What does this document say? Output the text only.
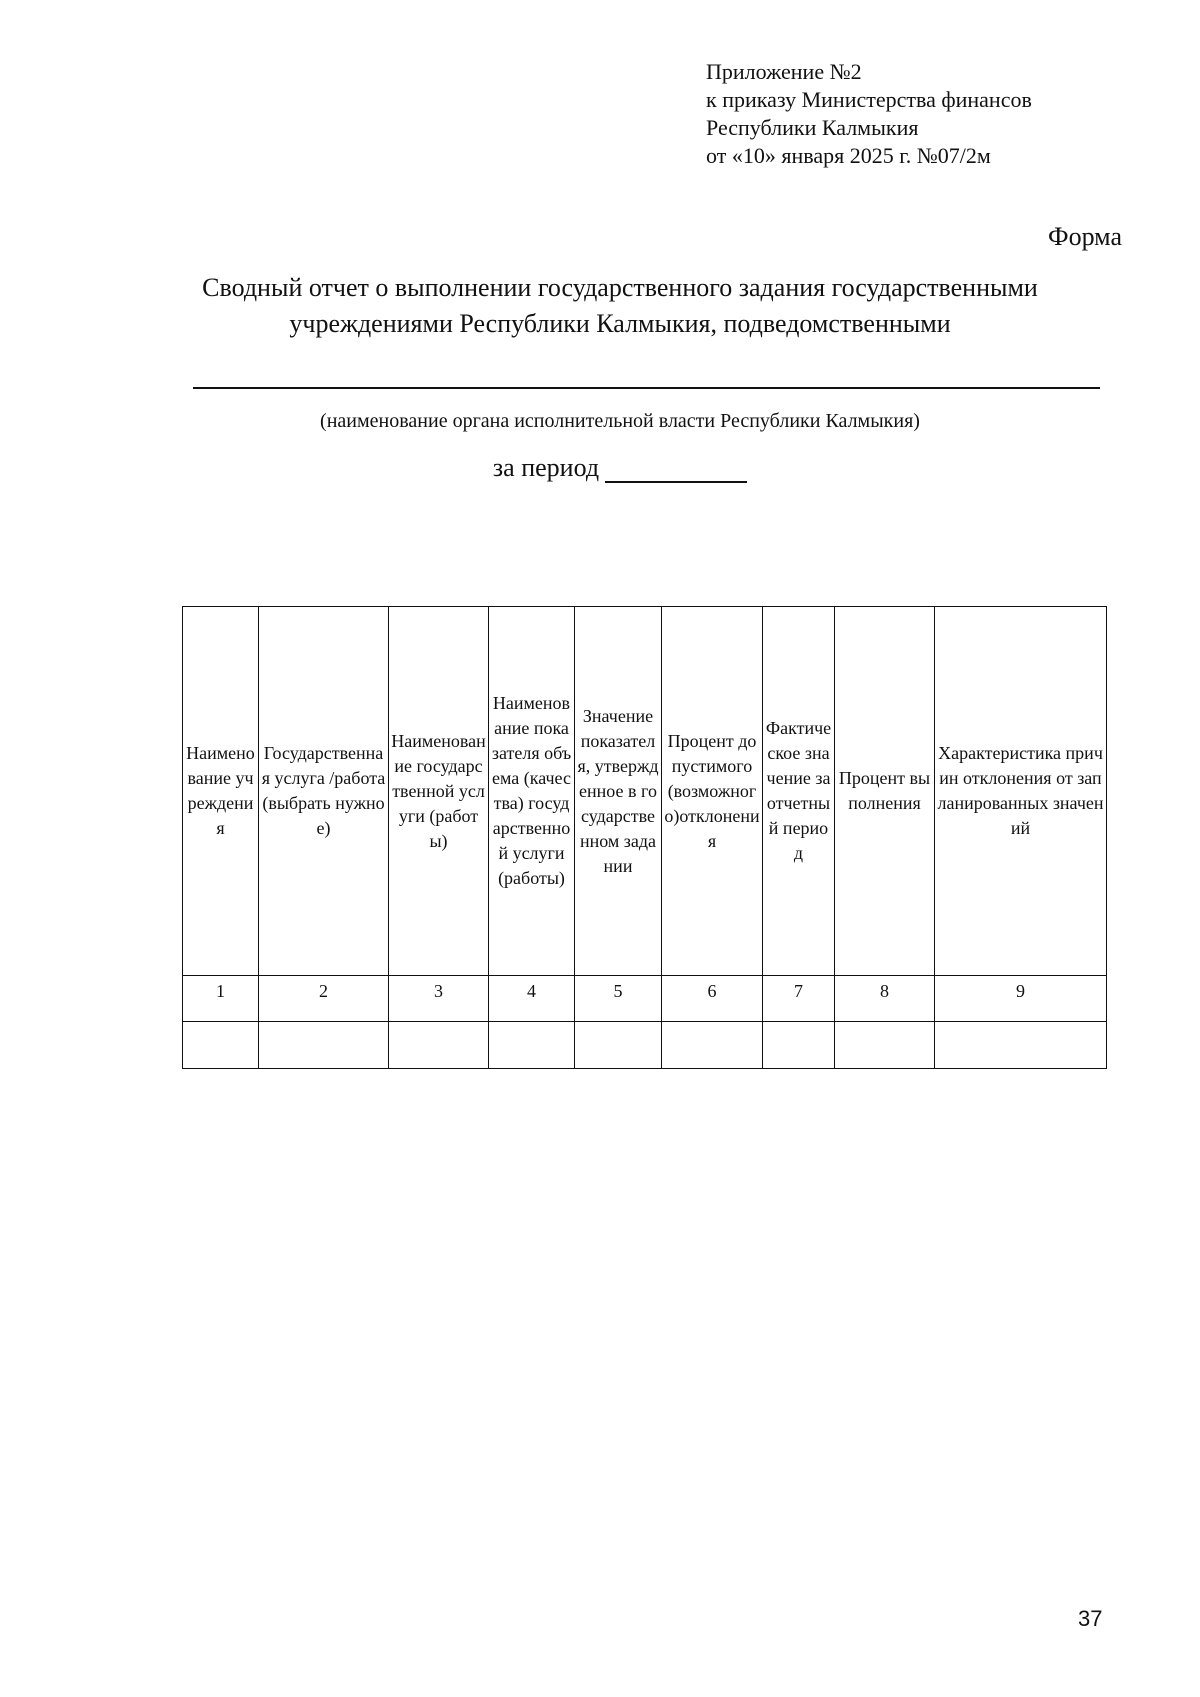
Приложение №2
к приказу Министерства финансов
Республики Калмыкия
от «10» января 2025 г. №07/2м
Форма
Сводный отчет о выполнении государственного задания государственными
учреждениями Республики Калмыкия, подведомственными
(наименование органа исполнительной власти Республики Калмыкия)
за период
Наименование учреждения	Государственная услуга /работа (выбрать нужное)	Наименование государственной услуги (работы)	Наименование показателя объема (качества) государственной услуги (работы)	Значение показателя, утвержденное в государственном задании	Процент допустимого (возможного)отклонения	Фактическое значение за отчетный период	Процент выполнения	Характеристика причин отклонения от запланированных значений
1	2	3	4	5	6	7	8	9

37
